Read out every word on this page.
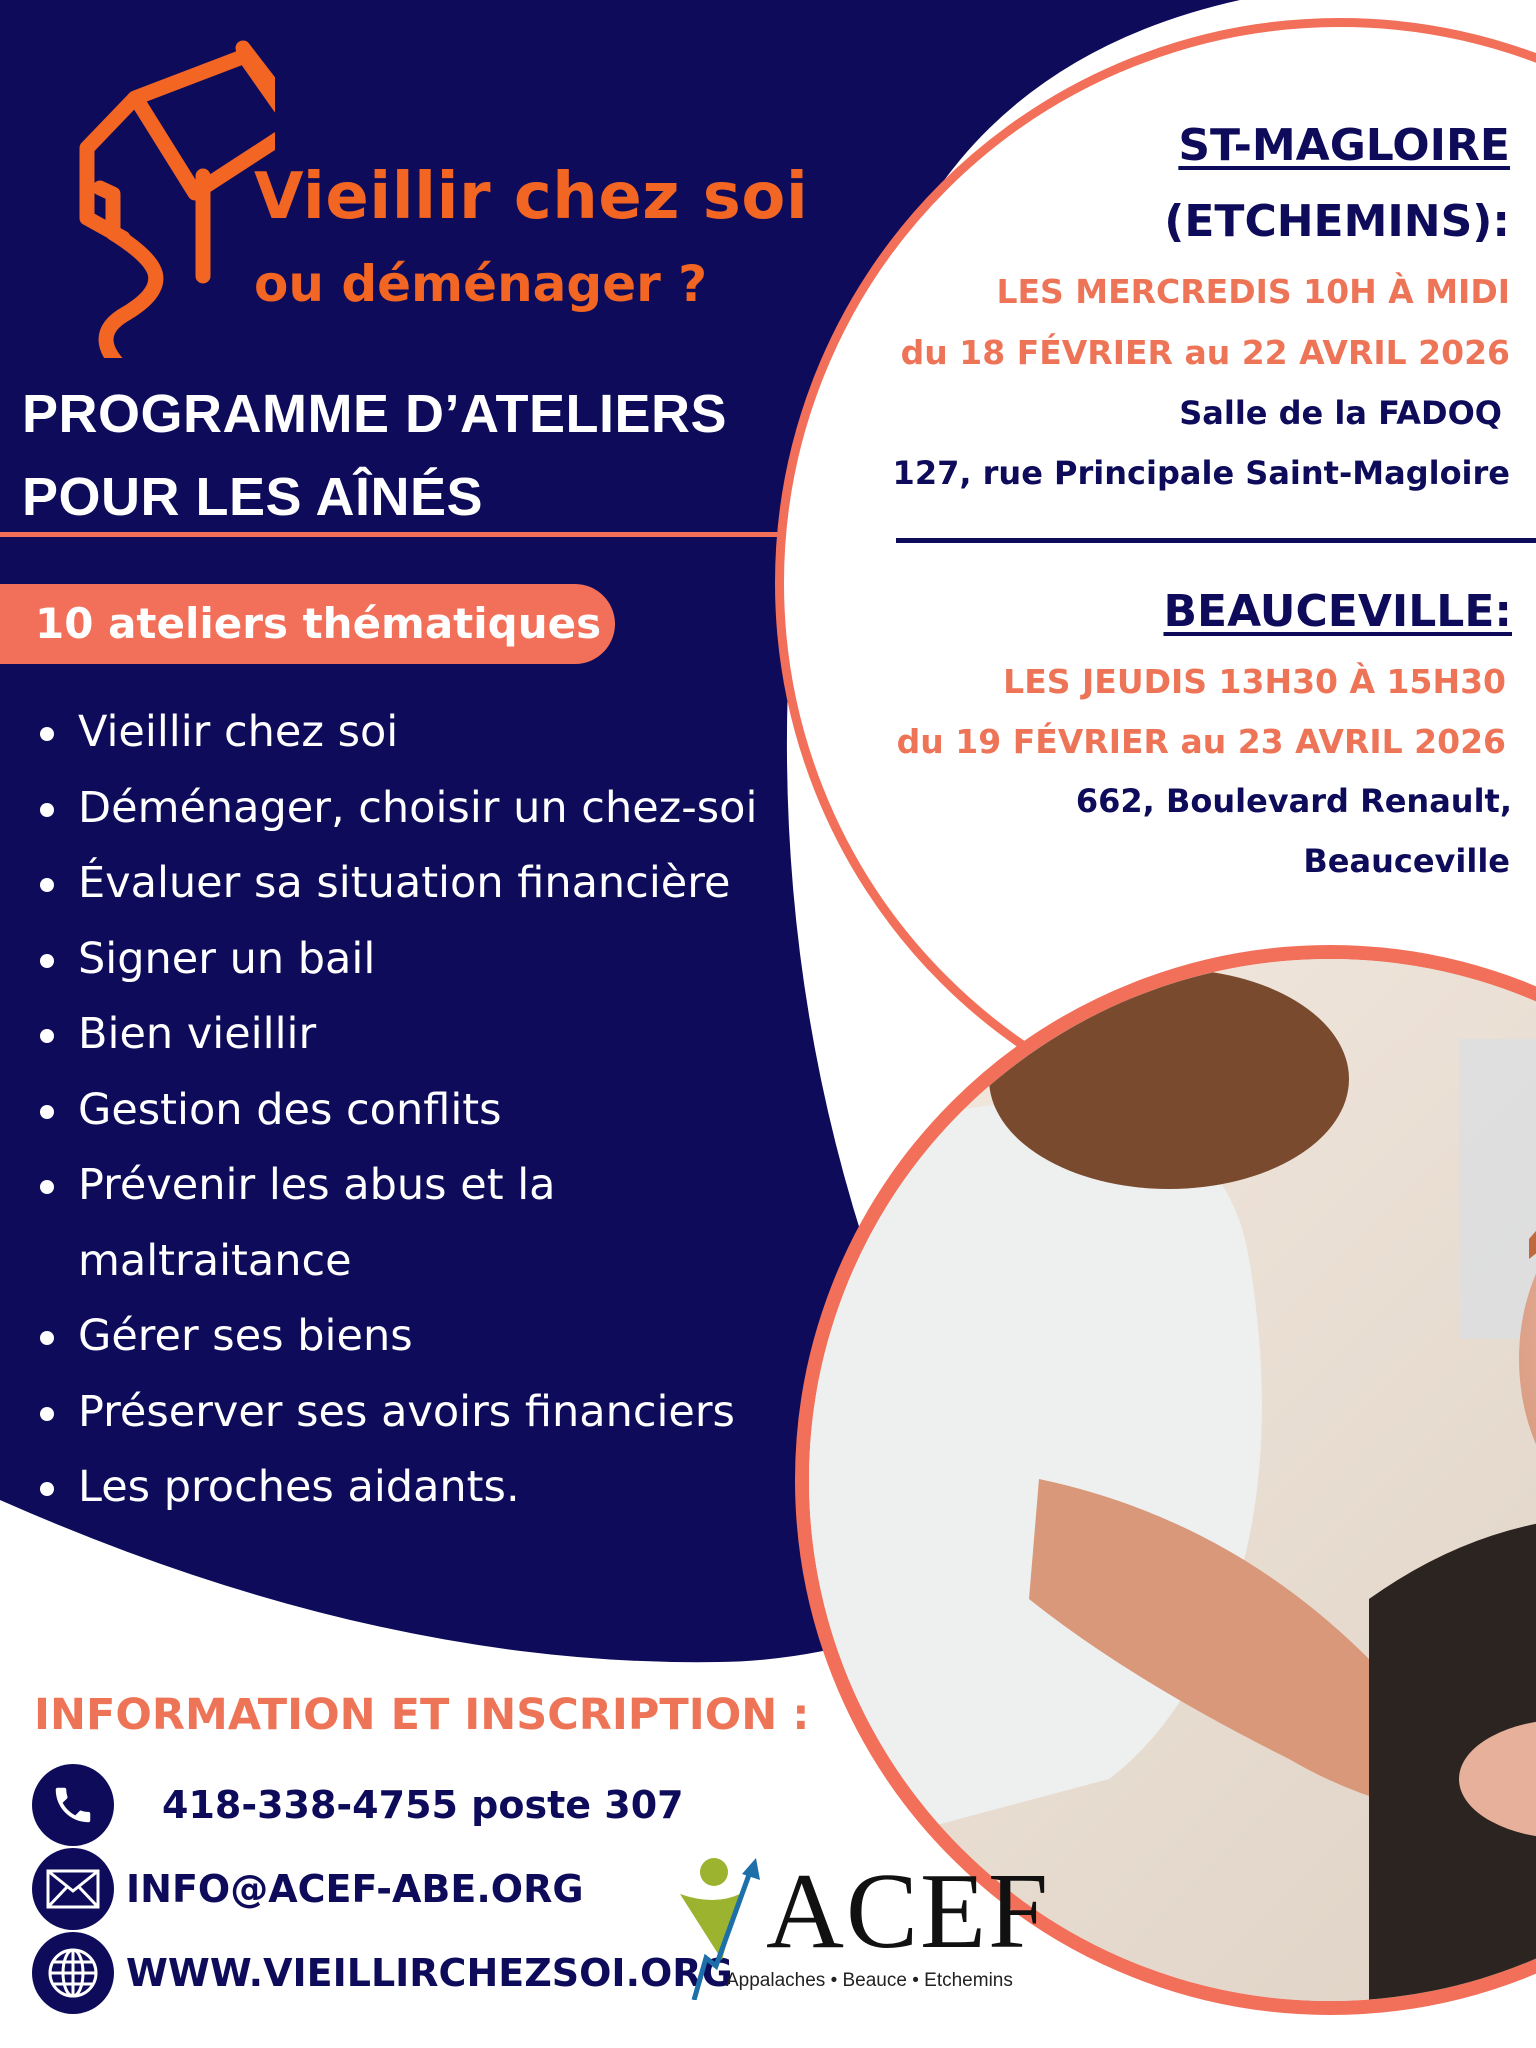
Vieillir chez soi
ou déménager ?
PROGRAMME D’ATELIERS
POUR LES AÎNÉS
10 ateliers thématiques
Vieillir chez soi
Déménager, choisir un chez-soi
Évaluer sa situation financière
Signer un bail
Bien vieillir
Gestion des conflits
Prévenir les abus et la
maltraitance
Gérer ses biens
Préserver ses avoirs financiers
Les proches aidants.
ST-MAGLOIRE
(ETCHEMINS):
LES MERCREDIS 10H À MIDI
du 18 FÉVRIER au 22 AVRIL 2026
Salle de la FADOQ
127, rue Principale Saint-Magloire
BEAUCEVILLE:
LES JEUDIS 13H30 À 15H30
du 19 FÉVRIER au 23 AVRIL 2026
662, Boulevard Renault,
Beauceville
INFORMATION ET INSCRIPTION :
418-338-4755 poste 307
INFO@ACEF-ABE.ORG
WWW.VIEILLIRCHEZSOI.ORG
ACEF
Appalaches • Beauce • Etchemins
